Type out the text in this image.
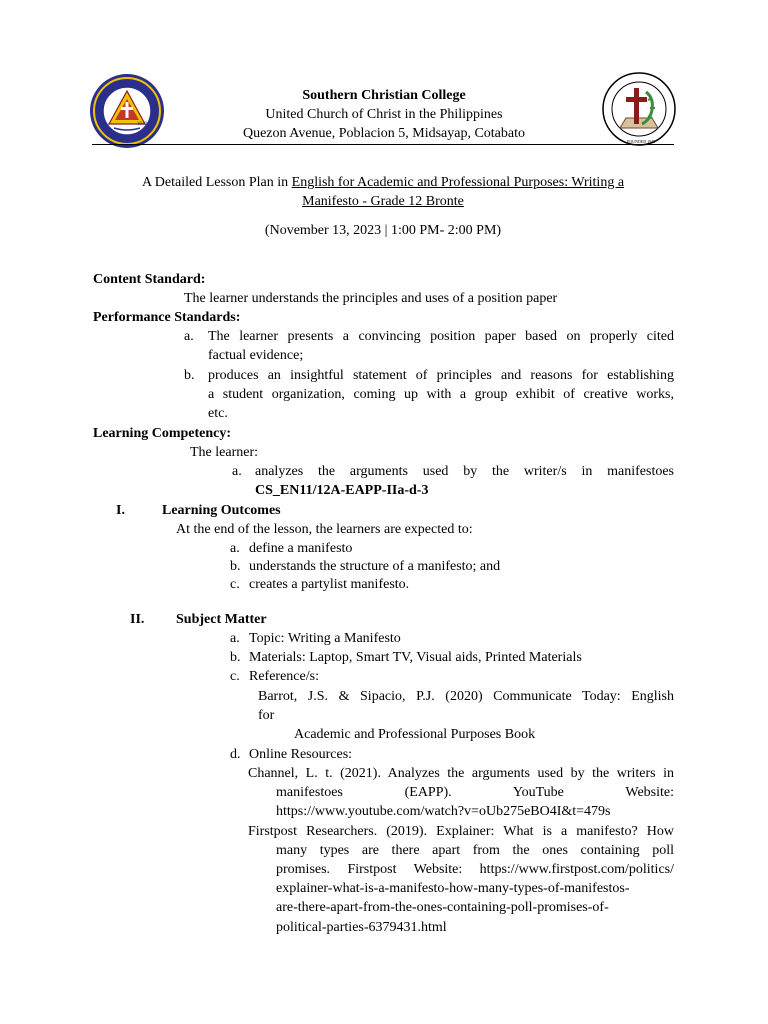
1949
FOUNDED 1948
Southern Christian College
United Church of Christ in the Philippines
Quezon Avenue, Poblacion 5, Midsayap, Cotabato
A Detailed Lesson Plan in English for Academic and Professional Purposes: Writing a
Manifesto - Grade 12 Bronte
(November 13, 2023 | 1:00 PM- 2:00 PM)
Content Standard:
The learner understands the principles and uses of a position paper
Performance Standards:
a. The learner presents a convincing position paper based on properly cited
factual evidence;
b. produces an insightful statement of principles and reasons for establishing
a student organization, coming up with a group exhibit of creative works,
etc.
Learning Competency:
The learner:
a. analyzes the arguments used by the writer/s in manifestoes
CS_EN11/12A-EAPP-IIa-d-3
I.	Learning Outcomes
At the end of the lesson, the learners are expected to:
a. define a manifesto
b. understands the structure of a manifesto; and
c. creates a partylist manifesto.
II. Subject Matter
a. Topic: Writing a Manifesto
b. Materials: Laptop, Smart TV, Visual aids, Printed Materials
c. Reference/s:
Barrot, J.S. & Sipacio, P.J. (2020) Communicate Today: English
for
Academic and Professional Purposes Book
d. Online Resources:
Channel, L. t. (2021). Analyzes the arguments used by the writers in
manifestoes (EAPP). YouTube Website:
https://www.youtube.com/watch?v=oUb275eBO4I&t=479s
Firstpost Researchers. (2019). Explainer: What is a manifesto? How
many types are there apart from the ones containing poll
promises. Firstpost Website: https://www.firstpost.com/politics/
explainer-what-is-a-manifesto-how-many-types-of-manifestos-
are-there-apart-from-the-ones-containing-poll-promises-of-
political-parties-6379431.html
